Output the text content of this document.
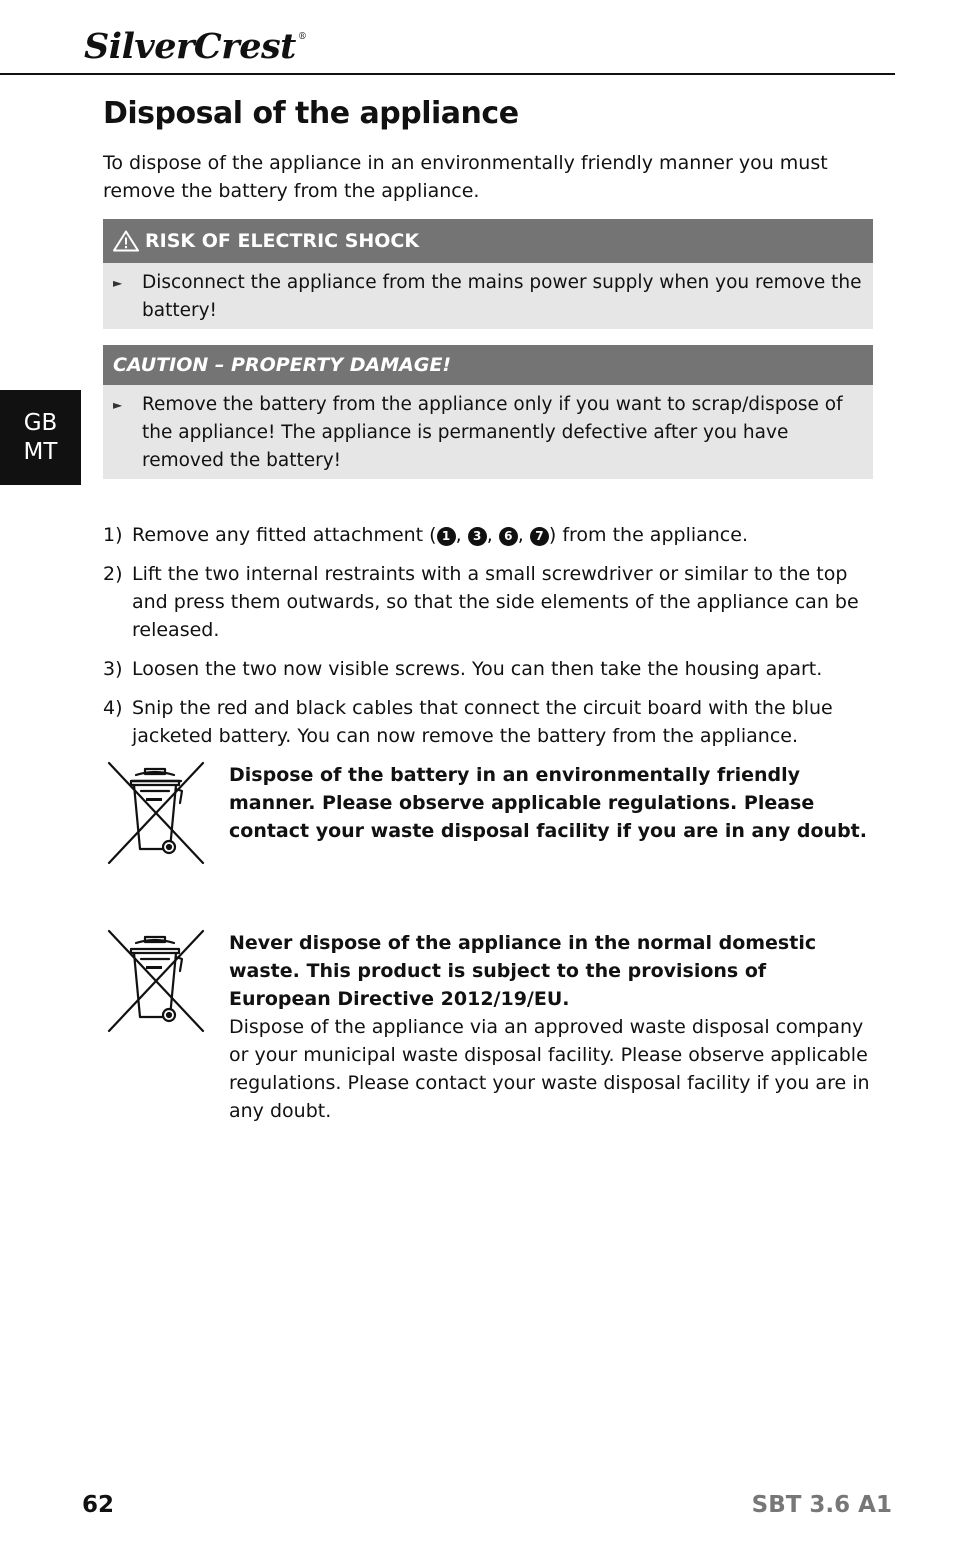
SilverCrest®
GB
MT
Disposal of the appliance

To dispose of the appliance in an environmentally friendly manner you must remove the battery from the appliance.

RISK OF ELECTRIC SHOCK
►	Disconnect the appliance from the mains power supply when you remove the battery!
CAUTION – PROPERTY DAMAGE!
►	Remove the battery from the appliance only if you want to scrap/dispose of the appliance! The appliance is permanently defective after you have removed the battery!
1) Remove any fitted attachment ( 1 , 3 , 6 , 7 ) from the appliance.
2) Lift the two internal restraints with a small screwdriver or similar to the top and press them outwards, so that the side elements of the appliance can be released.
3) Loosen the two now visible screws. You can then take the housing apart.
4) Snip the red and black cables that connect the circuit board with the blue jacketed battery. You can now remove the battery from the appliance.
Dispose of the battery in an environmentally friendly manner. Please observe applicable regulations. Please contact your waste disposal facility if you are in any doubt.
Never dispose of the appliance in the normal domestic waste. This product is subject to the provisions of European Directive 2012/19/EU.
Dispose of the appliance via an approved waste disposal company or your municipal waste disposal facility. Please observe applicable regulations. Please contact your waste disposal facility if you are in any doubt.
62	SBT 3.6 A1
